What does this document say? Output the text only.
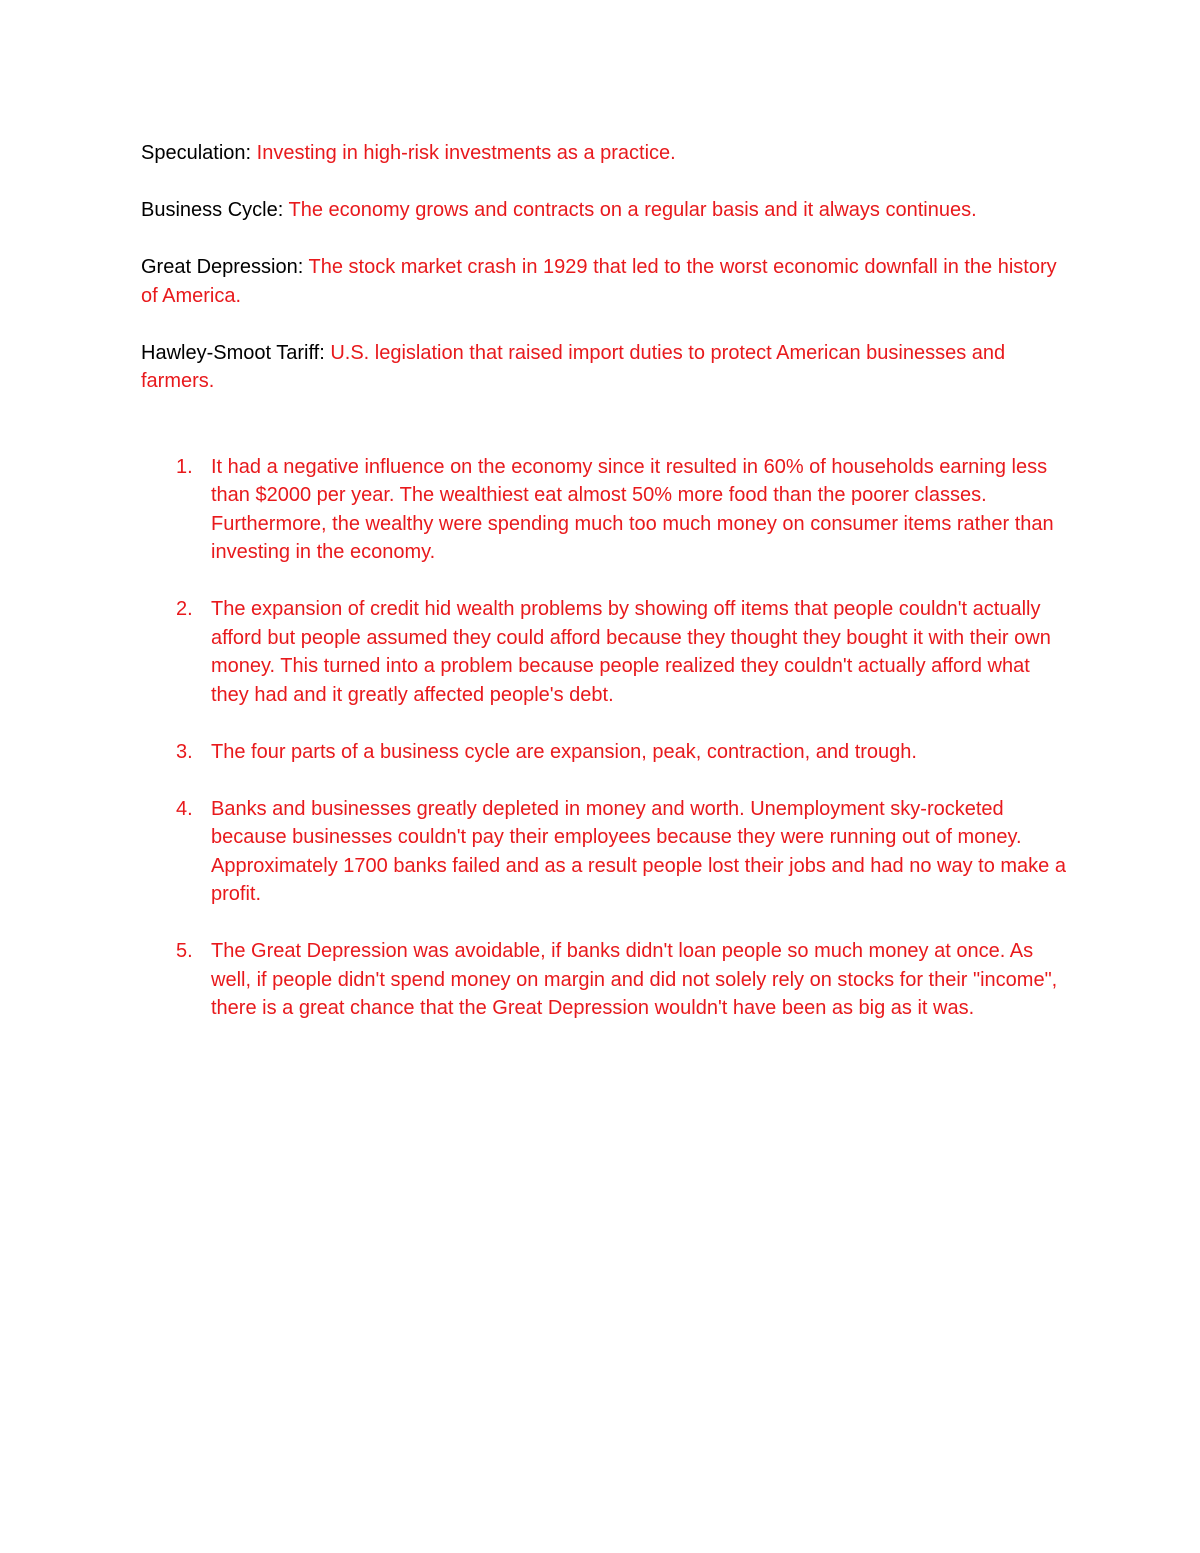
Speculation: Investing in high-risk investments as a practice.

Business Cycle: The economy grows and contracts on a regular basis and it always continues.

Great Depression: The stock market crash in 1929 that led to the worst economic downfall in the history of America.

Hawley-Smoot Tariff: U.S. legislation that raised import duties to protect American businesses and farmers.

1. It had a negative influence on the economy since it resulted in 60% of households earning less than $2000 per year. The wealthiest eat almost 50% more food than the poorer classes. Furthermore, the wealthy were spending much too much money on consumer items rather than investing in the economy.
2. The expansion of credit hid wealth problems by showing off items that people couldn't actually afford but people assumed they could afford because they thought they bought it with their own money. This turned into a problem because people realized they couldn't actually afford what they had and it greatly affected people's debt.
3. The four parts of a business cycle are expansion, peak, contraction, and trough.
4. Banks and businesses greatly depleted in money and worth. Unemployment sky-rocketed because businesses couldn't pay their employees because they were running out of money. Approximately 1700 banks failed and as a result people lost their jobs and had no way to make a profit.
5. The Great Depression was avoidable, if banks didn't loan people so much money at once. As well, if people didn't spend money on margin and did not solely rely on stocks for their "income", there is a great chance that the Great Depression wouldn't have been as big as it was.
